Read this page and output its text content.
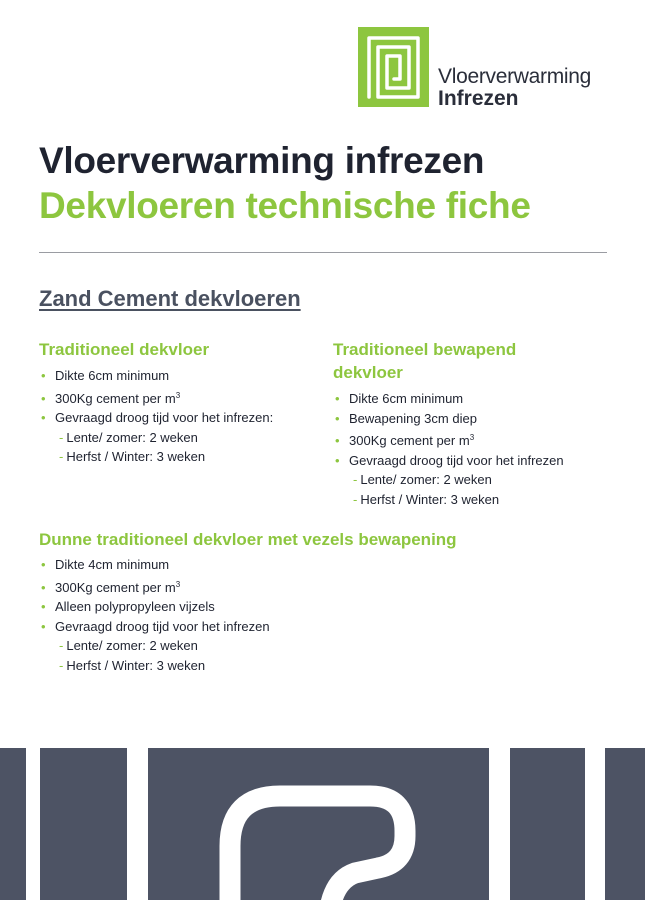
Vloerverwarming
Infrezen
Vloerverwarming infrezen
Dekvloeren technische fiche
Zand Cement dekvloeren
Traditioneel dekvloer
• Dikte 6cm minimum
• 300Kg cement per $m^3$
• Gevraagd droog tijd voor het infrezen:
- Lente/ zomer: 2 weken
- Herfst / Winter: 3 weken
Traditioneel bewapend dekvloer
• Dikte 6cm minimum
• Bewapening 3cm diep
• 300Kg cement per $m^3$
• Gevraagd droog tijd voor het infrezen
- Lente/ zomer: 2 weken
- Herfst / Winter: 3 weken
Dunne traditioneel dekvloer met vezels bewapening
• Dikte 4cm minimum
• 300Kg cement per $m^3$
• Alleen polypropyleen vijzels
• Gevraagd droog tijd voor het infrezen
- Lente/ zomer: 2 weken
- Herfst / Winter: 3 weken
